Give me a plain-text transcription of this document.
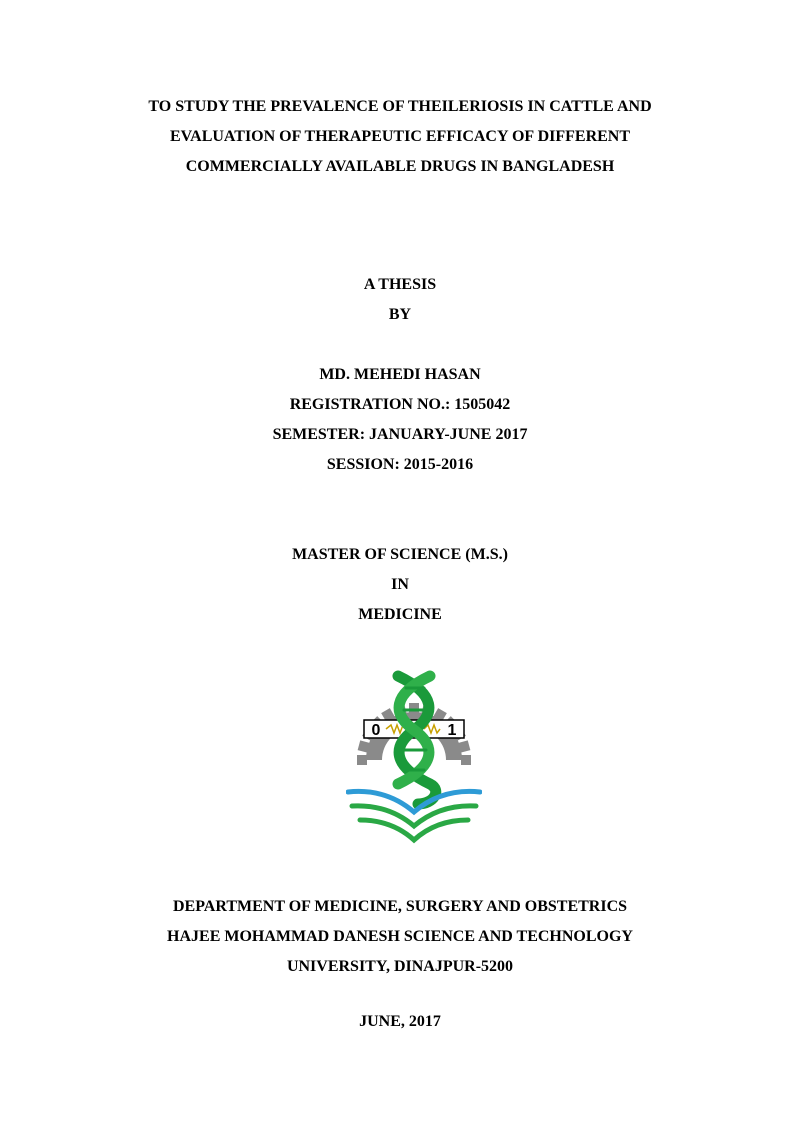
TO STUDY THE PREVALENCE OF THEILERIOSIS IN CATTLE AND
EVALUATION OF THERAPEUTIC EFFICACY OF DIFFERENT
COMMERCIALLY AVAILABLE DRUGS IN BANGLADESH
A THESIS
BY
MD. MEHEDI HASAN
REGISTRATION NO.: 1505042
SEMESTER: JANUARY-JUNE 2017
SESSION: 2015-2016
MASTER OF SCIENCE (M.S.)
IN
MEDICINE
0	1
DEPARTMENT OF MEDICINE, SURGERY AND OBSTETRICS
HAJEE MOHAMMAD DANESH SCIENCE AND TECHNOLOGY
UNIVERSITY, DINAJPUR-5200
JUNE, 2017
